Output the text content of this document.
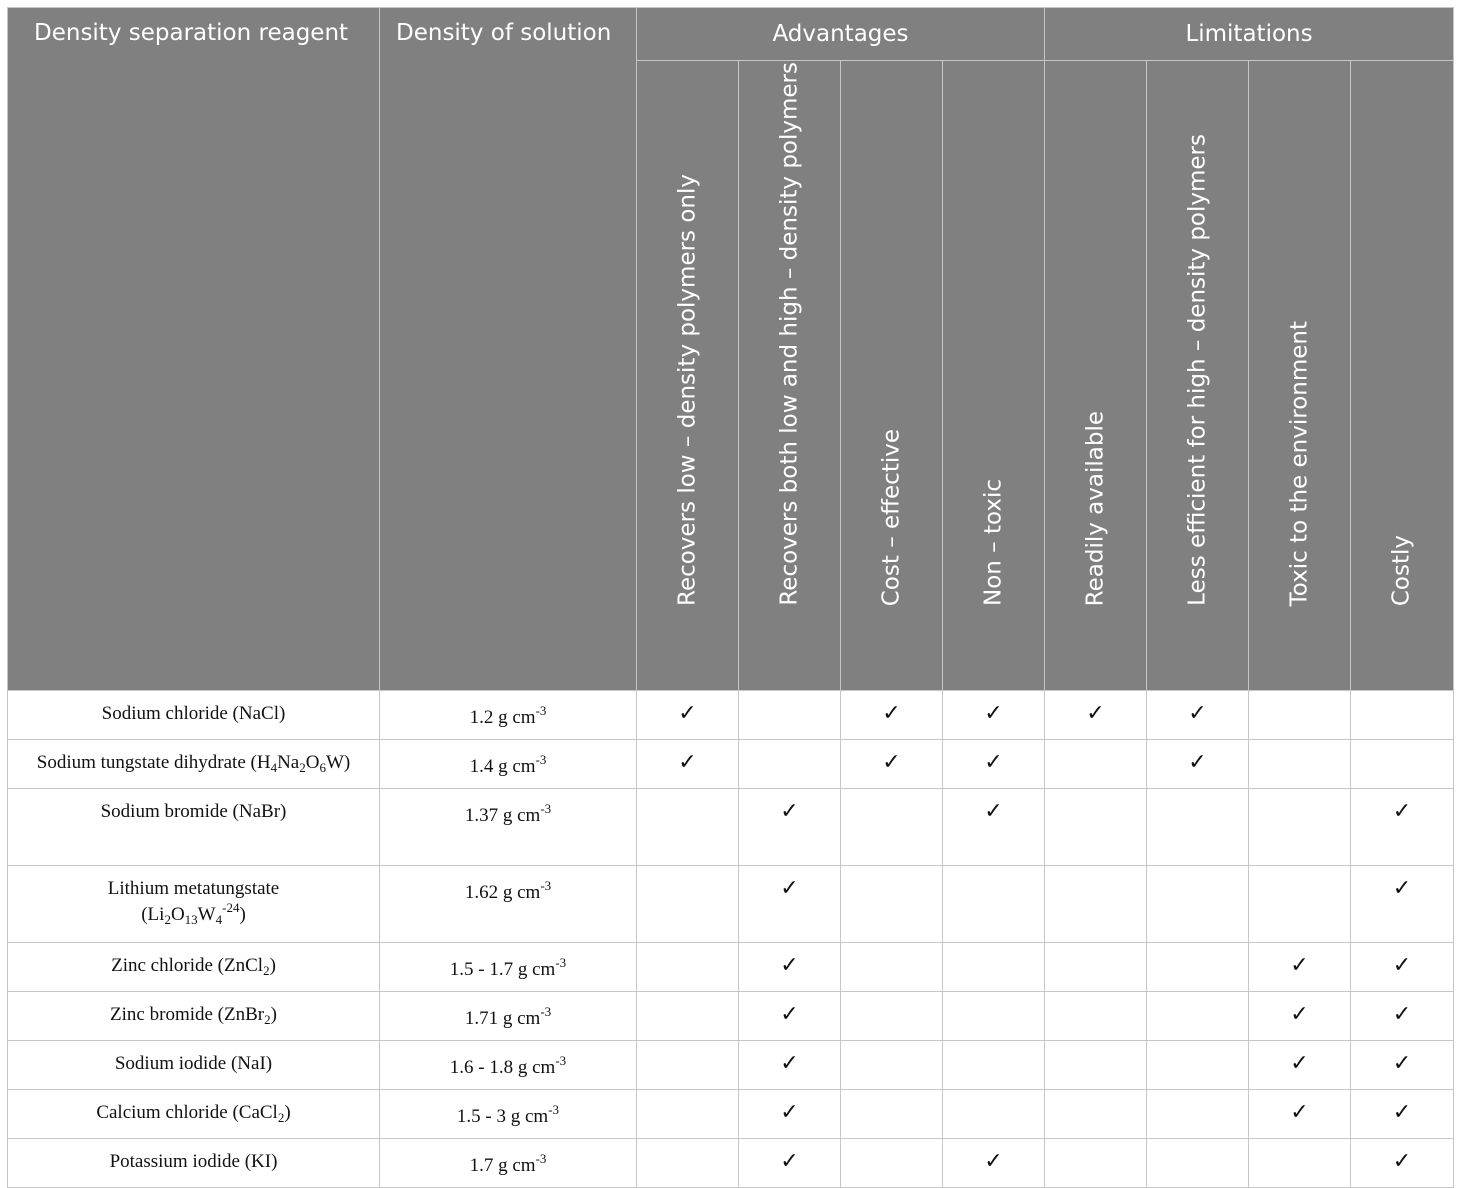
Density separation reagent	Density of solution	Advantages				Limitations			

		Recovers low – density polymers only	Recovers both low and high – density polymers	Cost – effective	Non – toxic	Readily available	Less efficient for high – density polymers	Toxic to the environment	Costly

Sodium chloride (NaCl)	1.2 g $cm^{-3}$	✓		✓	✓	✓	✓		
Sodium tungstate dihydrate $(H_4Na_2O_6W)$	1.4 g $cm^{-3}$	✓		✓	✓		✓		
Sodium bromide (NaBr)	1.37 g $cm^{-3}$		✓		✓				✓
Lithium metatungstate
$(Li_2O_{13}W_4^{-24})$	1.62 g $cm^{-3}$		✓						✓
Zinc chloride (ZnCl$_2$)	1.5 - 1.7 g $cm^{-3}$		✓					✓	✓
Zinc bromide (ZnBr$_2$)	1.71 g $cm^{-3}$		✓					✓	✓
Sodium iodide (NaI)	1.6 - 1.8 g $cm^{-3}$		✓					✓	✓
Calcium chloride (CaCl$_2$)	1.5 - 3 g $cm^{-3}$		✓					✓	✓
Potassium iodide (KI)	1.7 g $cm^{-3}$		✓		✓				✓
